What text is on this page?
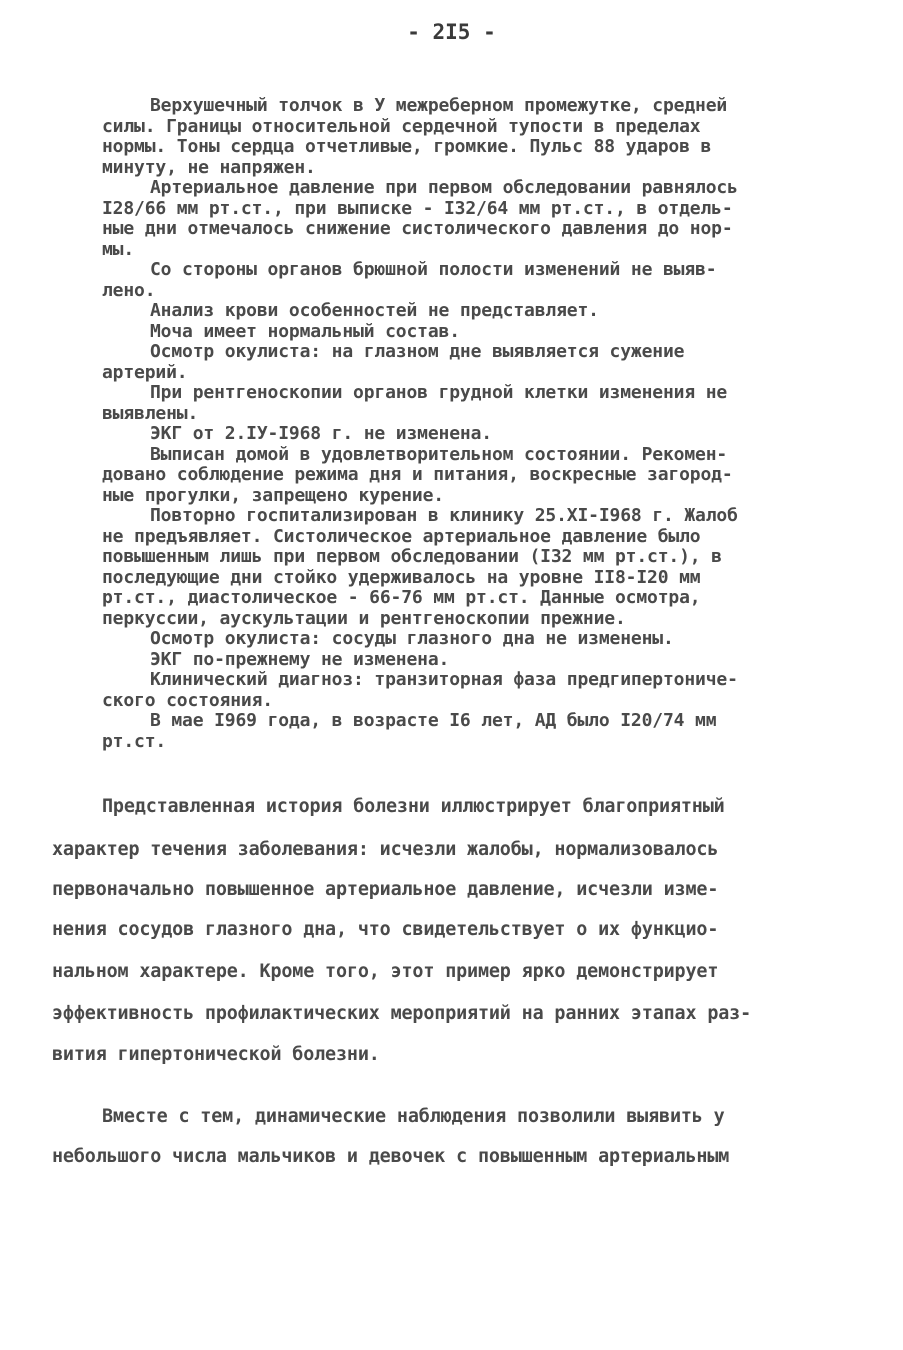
- 2I5 -
Верхушечный толчок в У межреберном промежутке, средней
силы. Границы относительной сердечной тупости в пределах
нормы. Тоны сердца отчетливые, громкие. Пульс 88 ударов в
минуту, не напряжен.
Артериальное давление при первом обследовании равнялось
I28/66 мм рт.ст., при выписке - I32/64 мм рт.ст., в отдель-
ные дни отмечалось снижение систолического давления до нор-
мы.
Со стороны органов брюшной полости изменений не выяв-
лено.
Анализ крови особенностей не представляет.
Моча имеет нормальный состав.
Осмотр окулиста: на глазном дне выявляется сужение
артерий.
При рентгеноскопии органов грудной клетки изменения не
выявлены.
ЭКГ от 2.IУ-I968 г. не изменена.
Выписан домой в удовлетворительном состоянии. Рекомен-
довано соблюдение режима дня и питания, воскресные загород-
ные прогулки, запрещено курение.
Повторно госпитализирован в клинику 25.XI-I968 г. Жалоб
не предъявляет. Систолическое артериальное давление было
повышенным лишь при первом обследовании (I32 мм рт.ст.), в
последующие дни стойко удерживалось на уровне II8-I20 мм
рт.ст., диастолическое - 66-76 мм рт.ст. Данные осмотра,
перкуссии, аускультации и рентгеноскопии прежние.
Осмотр окулиста: сосуды глазного дна не изменены.
ЭКГ по-прежнему не изменена.
Клинический диагноз: транзиторная фаза предгипертониче-
ского состояния.
В мае I969 года, в возрасте I6 лет, АД было I20/74 мм
рт.ст.
Представленная история болезни иллюстрирует благоприятный
характер течения заболевания: исчезли жалобы, нормализовалось
первоначально повышенное артериальное давление, исчезли изме-
нения сосудов глазного дна, что свидетельствует о их функцио-
нальном характере. Кроме того, этот пример ярко демонстрирует
эффективность профилактических мероприятий на ранних этапах раз-
вития гипертонической болезни.
Вместе с тем, динамические наблюдения позволили выявить у
небольшого числа мальчиков и девочек с повышенным артериальным
